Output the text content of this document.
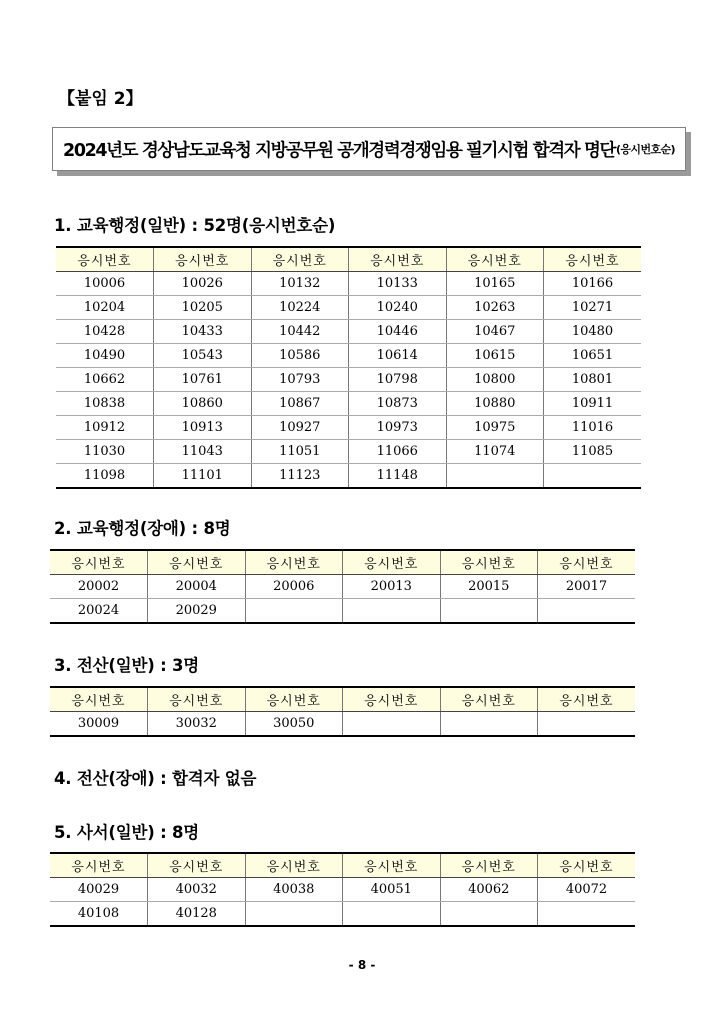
【붙임 2】
2024년도 경상남도교육청 지방공무원 공개경력경쟁임용 필기시험 합격자 명단 (응시번호순)
1. 교육행정(일반) : 52명(응시번호순)
응시번호	응시번호	응시번호	응시번호	응시번호	응시번호
10006	10026	10132	10133	10165	10166
10204	10205	10224	10240	10263	10271
10428	10433	10442	10446	10467	10480
10490	10543	10586	10614	10615	10651
10662	10761	10793	10798	10800	10801
10838	10860	10867	10873	10880	10911
10912	10913	10927	10973	10975	11016
11030	11043	11051	11066	11074	11085
11098	11101	11123	11148		
2. 교육행정(장애) : 8명
응시번호	응시번호	응시번호	응시번호	응시번호	응시번호
20002	20004	20006	20013	20015	20017
20024	20029				
3. 전산(일반) : 3명
응시번호	응시번호	응시번호	응시번호	응시번호	응시번호
30009	30032	30050			
4. 전산(장애) : 합격자 없음
5. 사서(일반) : 8명
응시번호	응시번호	응시번호	응시번호	응시번호	응시번호
40029	40032	40038	40051	40062	40072
40108	40128				
- 8 -
